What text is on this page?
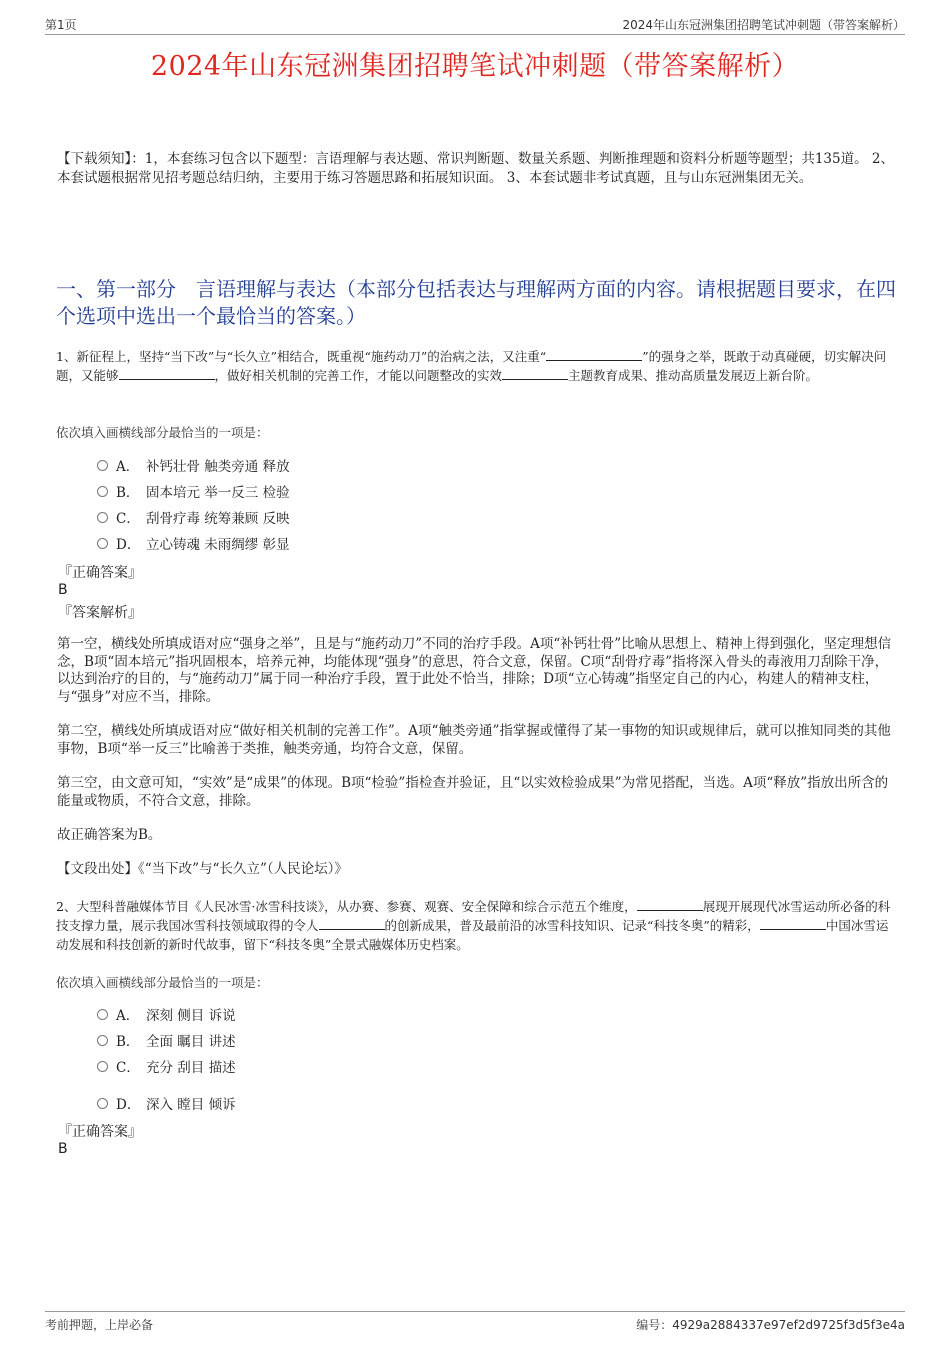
第1页	2024年山东冠洲集团招聘笔试冲刺题（带答案解析）
2024年山东冠洲集团招聘笔试冲刺题（带答案解析）
【下载须知】：1，本套练习包含以下题型：言语理解与表达题、常识判断题、数量关系题、判断推理题和资料分析题等题型；共135道。 2、本套试题根据常见招考题总结归纳，主要用于练习答题思路和拓展知识面。 3、本套试题非考试真题，且与山东冠洲集团无关。
一、第一部分　言语理解与表达（本部分包括表达与理解两方面的内容。请根据题目要求，在四个选项中选出一个最恰当的答案。）
1、新征程上，坚持“当下改”与“长久立”相结合，既重视“施药动刀”的治病之法，又注重“	”的强身之举，既敢于动真碰硬，切实解决问题，又能够	，做好相关机制的完善工作，才能以问题整改的实效	主题教育成果、推动高质量发展迈上新台阶。
依次填入画横线部分最恰当的一项是：
A． 补钙壮骨 触类旁通 释放
B． 固本培元 举一反三 检验
C． 刮骨疗毒 统筹兼顾 反映
D． 立心铸魂 未雨绸缪 彰显
『正确答案』
B
『答案解析』
第一空，横线处所填成语对应“强身之举”，且是与“施药动刀”不同的治疗手段。A项“补钙壮骨”比喻从思想上、精神上得到强化，坚定理想信念，B项“固本培元”指巩固根本，培养元神，均能体现“强身”的意思，符合文意，保留。C项“刮骨疗毒”指将深入骨头的毒液用刀刮除干净，以达到治疗的目的，与“施药动刀”属于同一种治疗手段，置于此处不恰当，排除；D项“立心铸魂”指坚定自己的内心，构建人的精神支柱，与“强身”对应不当，排除。
第二空，横线处所填成语对应“做好相关机制的完善工作”。A项“触类旁通”指掌握或懂得了某一事物的知识或规律后，就可以推知同类的其他事物，B项“举一反三”比喻善于类推，触类旁通，均符合文意，保留。
第三空，由文意可知，“实效”是“成果”的体现。B项“检验”指检查并验证，且“以实效检验成果”为常见搭配，当选。A项“释放”指放出所含的能量或物质，不符合文意，排除。
故正确答案为B。
【文段出处】《“当下改”与“长久立”（人民论坛）》
2、大型科普融媒体节目《人民冰雪·冰雪科技谈》，从办赛、参赛、观赛、安全保障和综合示范五个维度，	展现开展现代冰雪运动所必备的科技支撑力量，展示我国冰雪科技领域取得的令人	的创新成果，普及最前沿的冰雪科技知识、记录“科技冬奥”的精彩，	中国冰雪运动发展和科技创新的新时代故事，留下“科技冬奥”全景式融媒体历史档案。
依次填入画横线部分最恰当的一项是：
A． 深刻 侧目 诉说
B． 全面 瞩目 讲述
C． 充分 刮目 描述
D． 深入 瞠目 倾诉
『正确答案』
B
考前押题，上岸必备	编号：4929a2884337e97ef2d9725f3d5f3e4a
